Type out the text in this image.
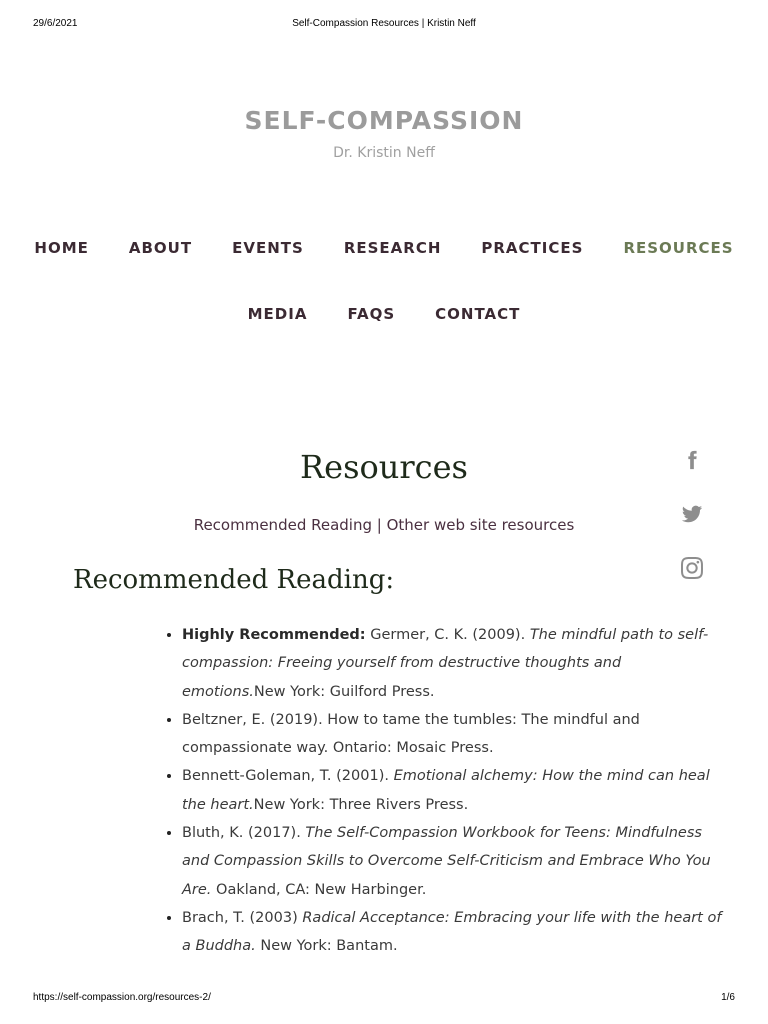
29/6/2021	Self-Compassion Resources | Kristin Neff
SELF-COMPASSION
Dr. Kristin Neff
HOME	ABOUT	EVENTS	RESEARCH	PRACTICES	RESOURCES
MEDIA	FAQS	CONTACT
Resources
Recommended Reading | Other web site resources
Recommended Reading:
• Highly Recommended: Germer, C. K. (2009). The mindful path to self-compassion: Freeing yourself from destructive thoughts and emotions.New York: Guilford Press.
• Beltzner, E. (2019). How to tame the tumbles: The mindful and compassionate way. Ontario: Mosaic Press.
• Bennett-Goleman, T. (2001). Emotional alchemy: How the mind can heal the heart.New York: Three Rivers Press.
• Bluth, K. (2017). The Self-Compassion Workbook for Teens: Mindfulness and Compassion Skills to Overcome Self-Criticism and Embrace Who You Are. Oakland, CA: New Harbinger.
• Brach, T. (2003) Radical Acceptance: Embracing your life with the heart of a Buddha. New York: Bantam.
https://self-compassion.org/resources-2/	1/6
